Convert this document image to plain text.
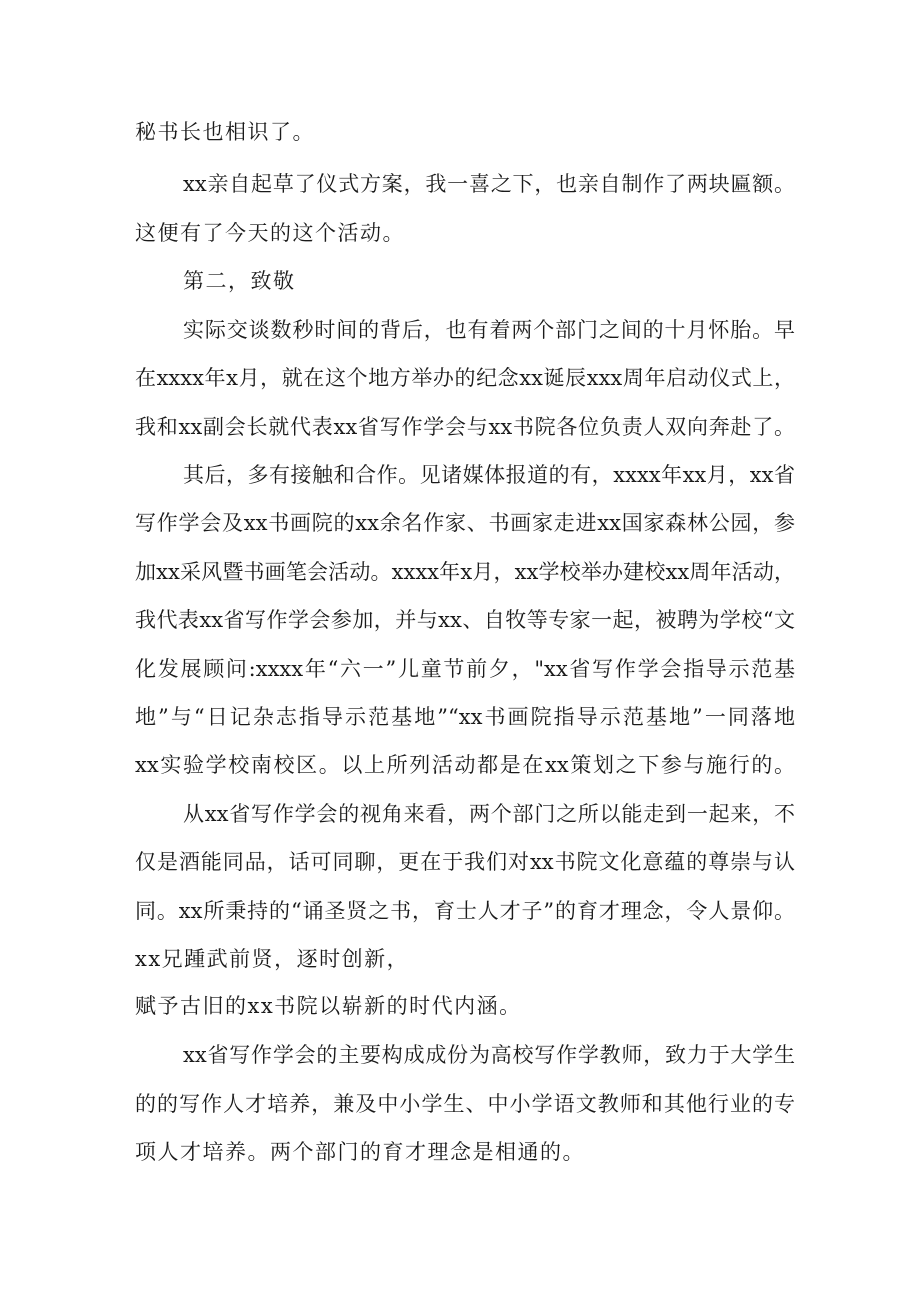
秘书长也相识了。
xx亲自起草了仪式方案，我一喜之下，也亲自制作了两块匾额。
这便有了今天的这个活动。
第二，致敬
实际交谈数秒时间的背后，也有着两个部门之间的十月怀胎。早
在xxxx年x月，就在这个地方举办的纪念xx诞辰xxx周年启动仪式上，
我和xx副会长就代表xx省写作学会与xx书院各位负责人双向奔赴了。
其后，多有接触和合作。见诸媒体报道的有，xxxx年xx月，xx省
写作学会及xx书画院的xx余名作家、书画家走进xx国家森林公园，参
加xx采风暨书画笔会活动。xxxx年x月，xx学校举办建校xx周年活动，
我代表xx省写作学会参加，并与xx、自牧等专家一起，被聘为学校“文
化发展顾问:xxxx年“六一”儿童节前夕，"xx省写作学会指导示范基
地”与“日记杂志指导示范基地”“xx书画院指导示范基地”一同落地
xx实验学校南校区。以上所列活动都是在xx策划之下参与施行的。
从xx省写作学会的视角来看，两个部门之所以能走到一起来，不
仅是酒能同品，话可同聊，更在于我们对xx书院文化意蕴的尊崇与认
同。xx所秉持的“诵圣贤之书，育士人才子”的育才理念，令人景仰。
xx兄踵武前贤，逐时创新，
赋予古旧的xx书院以崭新的时代内涵。
xx省写作学会的主要构成成份为高校写作学教师，致力于大学生
的的写作人才培养，兼及中小学生、中小学语文教师和其他行业的专
项人才培养。两个部门的育才理念是相通的。
